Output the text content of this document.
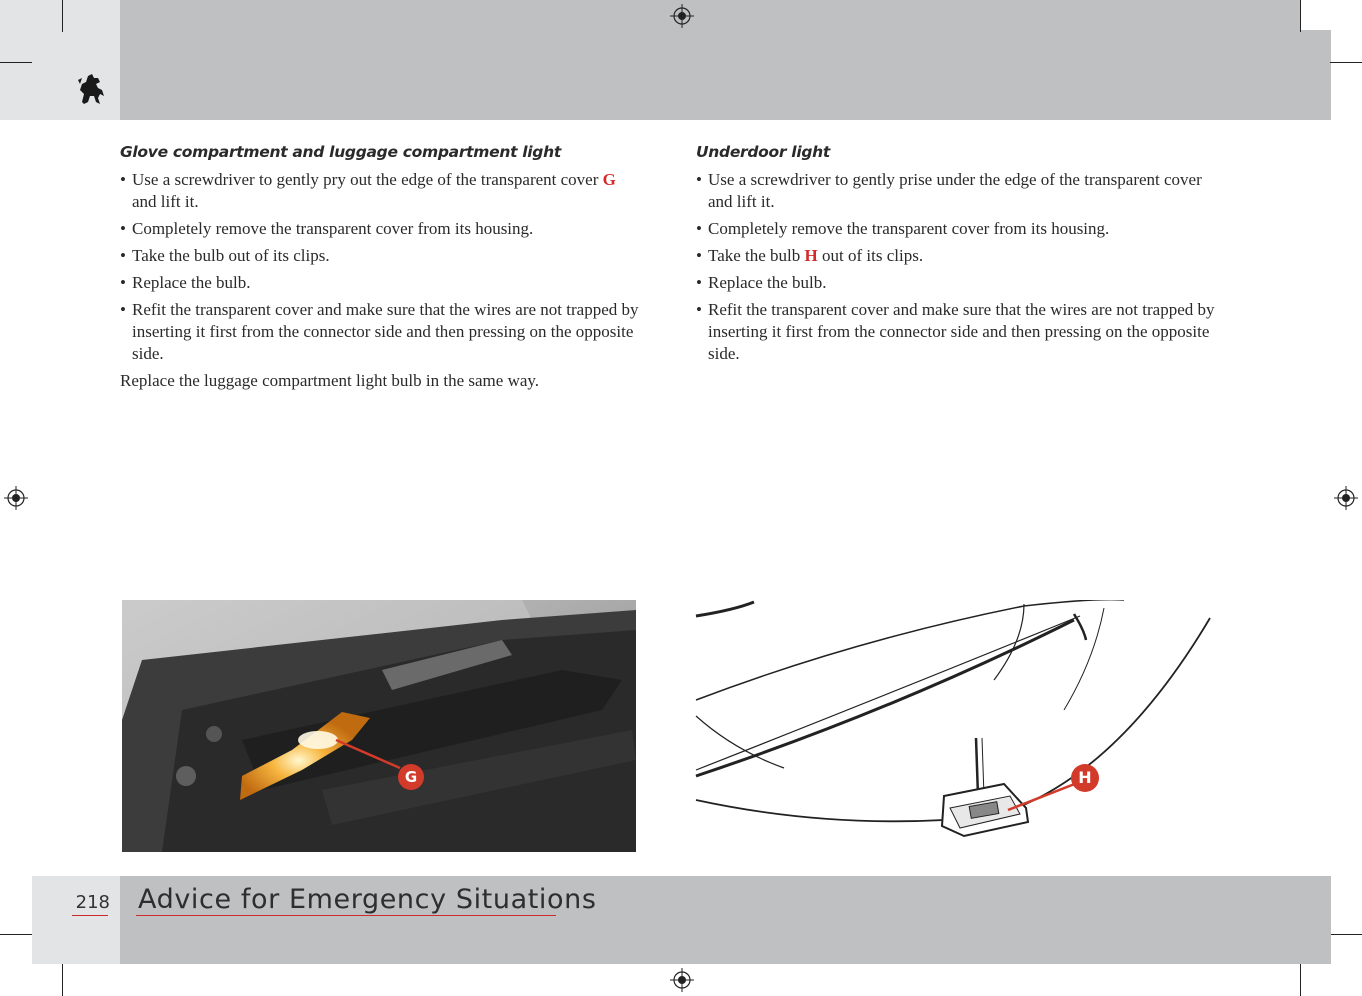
Glove compartment and luggage compartment light
• Use a screwdriver to gently pry out the edge of the transparent cover G and lift it.
• Completely remove the transparent cover from its housing.
• Take the bulb out of its clips.
• Replace the bulb.
• Refit the transparent cover and make sure that the wires are not trapped by inserting it first from the connector side and then pressing on the opposite side.

Replace the luggage compartment light bulb in the same way.

Underdoor light
• Use a screwdriver to gently prise under the edge of the transparent cover and lift it.
• Completely remove the transparent cover from its housing.
• Take the bulb H out of its clips.
• Replace the bulb.
• Refit the transparent cover and make sure that the wires are not trapped by inserting it first from the connector side and then pressing on the opposite side.
G	H
218 Advice for Emergency Situations
